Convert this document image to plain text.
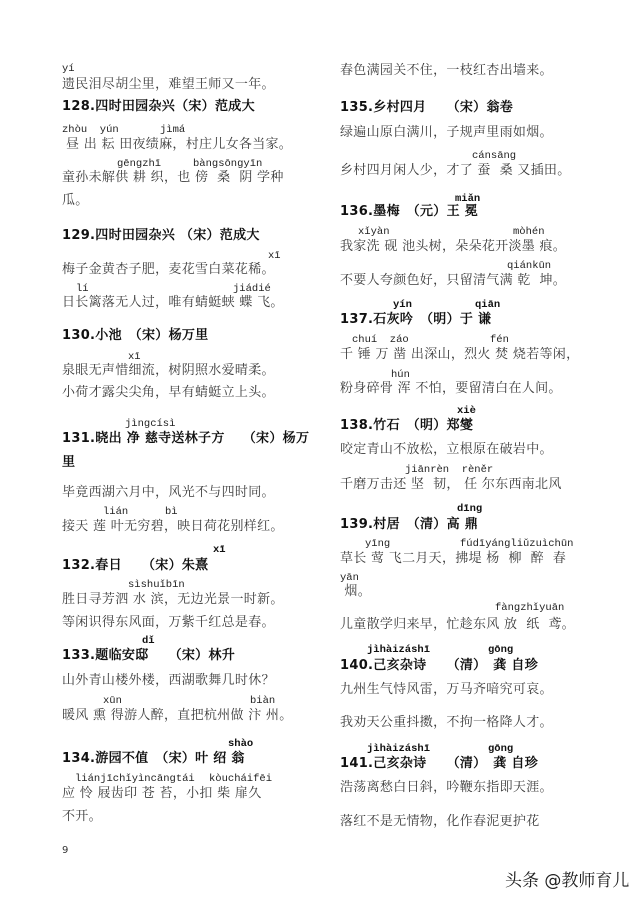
yí
遗民泪尽胡尘里，难望王师又一年。
128.四时田园杂兴（宋）范成大
zhòu  yún	jìmá
昼 出 耘 田夜绩麻，村庄儿女各当家。
gēngzhī	bàngsōngyīn
童孙未解供 耕 织，也 傍  桑  阴 学种
瓜。
129.四时田园杂兴 （宋）范成大
xī
梅子金黄杏子肥，麦花雪白菜花稀。
lí	jiádié
日长篱落无人过，唯有蜻蜓蛱 蝶 飞。
130.小池　（宋）杨万里
xī
泉眼无声惜细流，树阴照水爱晴柔。
小荷才露尖尖角，早有蜻蜓立上头。
jìngcísì
131.晓出 净 慈寺送林子方　 （宋）杨万
里
毕竟西湖六月中，风光不与四时同。
lián	bì
接天 莲 叶无穷碧，映日荷花别样红。
xī
132.春日　　（宋）朱熹
sìshuǐbīn
胜日寻芳泗 水 滨，无边光景一时新。
等闲识得东风面，万紫千红总是春。
dǐ
133.题临安邸　　（宋）林升
山外青山楼外楼，西湖歌舞几时休？
xūn	biàn
暖风 熏 得游人醉，直把杭州做 汴 州。
shào
134.游园不值　（宋）叶 绍 翁
liánjīchǐyìncāngtái kòucháifēi
应 怜 屐齿印 苍 苔，小扣 柴 扉久
不开。
春色满园关不住，一枝红杏出墙来。
135.乡村四月　　（宋）翁卷
绿遍山原白满川，子规声里雨如烟。
cánsāng
乡村四月闲人少，才了 蚕  桑 又插田。
miǎn
136.墨梅　（元）王 冕
xǐyàn	mòhén
我家洗 砚 池头树，朵朵花开淡墨 痕。
qiánkūn
不要人夸颜色好，只留清气满 乾  坤。
yín	qiān
137.石灰吟　（明）于 谦
chuí  záo	fén
千 锤 万 凿 出深山，烈火 焚 烧若等闲，
hún
粉身碎骨 浑 不怕，要留清白在人间。
xiè
138.竹石　（明）郑燮
咬定青山不放松，立根原在破岩中。
jiānrèn  rèněr
千磨万击还 坚  韧， 任 尔东西南北风
dīng
139.村居　（清）高 鼎
yīng	fúdīyángliǔzuìchūn
草长 莺 飞二月天，拂堤 杨  柳  醉  春
yān
烟。
fàngzhǐyuān
儿童散学归来早，忙趁东风 放  纸  鸢。
jìhàizáshī	gōng
140.己亥杂诗　　（清）　龚 自珍
九州生气恃风雷，万马齐喑究可哀。
我劝天公重抖擞，不拘一格降人才。
jìhàizáshī	gōng
141.己亥杂诗　　（清）　龚 自珍
浩荡离愁白日斜，吟鞭东指即天涯。
落红不是无情物，化作春泥更护花
9
头条 @教师育儿
